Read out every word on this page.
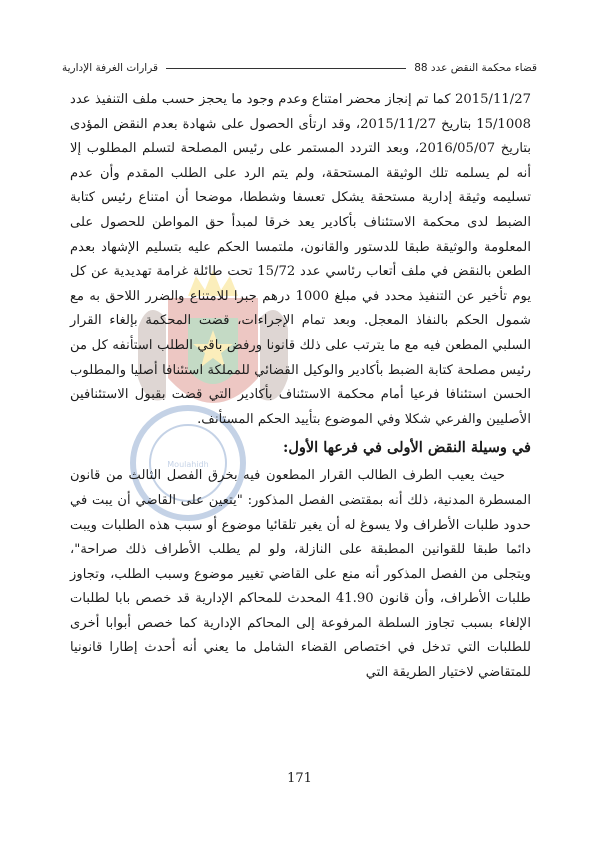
قضاء محكمة النقض عدد 88
قرارات الغرفة الإدارية
Moulahidh

2015/11/27 كما تم إنجاز محضر امتناع وعدم وجود ما يحجز حسب ملف التنفيذ عدد 15/1008 بتاريخ 2015/11/27، وقد ارتأى الحصول على شهادة بعدم النقض المؤدى بتاريخ 2016/05/07، وبعد التردد المستمر على رئيس المصلحة لتسلم المطلوب إلا أنه لم يسلمه تلك الوثيقة المستحقة، ولم يتم الرد على الطلب المقدم وأن عدم تسليمه وثيقة إدارية مستحقة يشكل تعسفا وشططا، موضحا أن امتناع رئيس كتابة الضبط لدى محكمة الاستئناف بأكادير يعد خرقا لمبدأ حق المواطن للحصول على المعلومة والوثيقة طبقا للدستور والقانون، ملتمسا الحكم عليه بتسليم الإشهاد بعدم الطعن بالنقض في ملف أتعاب رئاسي عدد 15/72 تحت طائلة غرامة تهديدية عن كل يوم تأخير عن التنفيذ محدد في مبلغ 1000 درهم جبرا للامتناع والضرر اللاحق به مع شمول الحكم بالنفاذ المعجل. وبعد تمام الإجراءات، قضت المحكمة بإلغاء القرار السلبي المطعن فيه مع ما يترتب على ذلك قانونا ورفض باقي الطلب استأنفه كل من رئيس مصلحة كتابة الضبط بأكادير والوكيل القضائي للمملكة استئنافا أصليا والمطلوب الحسن استئنافا فرعيا أمام محكمة الاستئناف بأكادير التي قضت بقبول الاستئنافين الأصليين والفرعي شكلا وفي الموضوع بتأييد الحكم المستأنف.

في وسيلة النقض الأولى في فرعها الأول:

حيث يعيب الطرف الطالب القرار المطعون فيه بخرق الفصل الثالث من قانون المسطرة المدنية، ذلك أنه بمقتضى الفصل المذكور: "يتعين على القاضي أن يبت في حدود طلبات الأطراف ولا يسوغ له أن يغير تلقائيا موضوع أو سبب هذه الطلبات ويبت دائما طبقا للقوانين المطبقة على النازلة، ولو لم يطلب الأطراف ذلك صراحة"، ويتجلى من الفصل المذكور أنه منع على القاضي تغيير موضوع وسبب الطلب، وتجاوز طلبات الأطراف، وأن قانون 41.90 المحدث للمحاكم الإدارية قد خصص بابا لطلبات الإلغاء بسبب تجاوز السلطة المرفوعة إلى المحاكم الإدارية كما خصص أبوابا أخرى للطلبات التي تدخل في اختصاص القضاء الشامل ما يعني أنه أحدث إطارا قانونيا للمتقاضي لاختيار الطريقة التي

171
